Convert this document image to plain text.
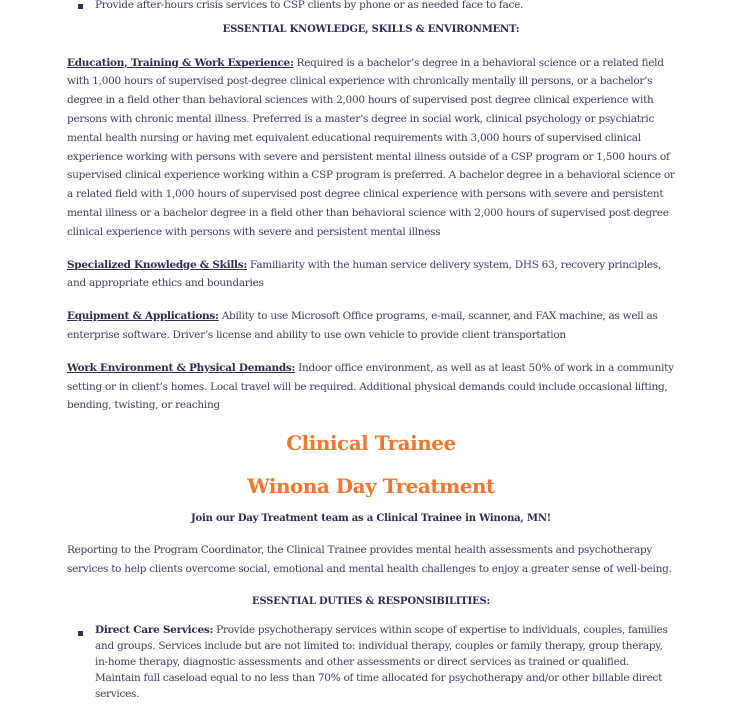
Provide after-hours crisis services to CSP clients by phone or as needed face to face.
ESSENTIAL KNOWLEDGE, SKILLS & ENVIRONMENT:

Education, Training & Work Experience: Required is a bachelor’s degree in a behavioral science or a related field with 1,000 hours of supervised post-degree clinical experience with chronically mentally ill persons, or a bachelor’s degree in a field other than behavioral sciences with 2,000 hours of supervised post degree clinical experience with persons with chronic mental illness. Preferred is a master’s degree in social work, clinical psychology or psychiatric mental health nursing or having met equivalent educational requirements with 3,000 hours of supervised clinical experience working with persons with severe and persistent mental illness outside of a CSP program or 1,500 hours of supervised clinical experience working within a CSP program is preferred. A bachelor degree in a behavioral science or a related field with 1,000 hours of supervised post degree clinical experience with persons with severe and persistent mental illness or a bachelor degree in a field other than behavioral science with 2,000 hours of supervised post degree clinical experience with persons with severe and persistent mental illness

Specialized Knowledge & Skills: Familiarity with the human service delivery system, DHS 63, recovery principles, and appropriate ethics and boundaries

Equipment & Applications: Ability to use Microsoft Office programs, e-mail, scanner, and FAX machine, as well as enterprise software. Driver’s license and ability to use own vehicle to provide client transportation

Work Environment & Physical Demands: Indoor office environment, as well as at least 50% of work in a community setting or in client’s homes. Local travel will be required. Additional physical demands could include occasional lifting, bending, twisting, or reaching

Clinical Trainee
Winona Day Treatment
Join our Day Treatment team as a Clinical Trainee in Winona, MN!

Reporting to the Program Coordinator, the Clinical Trainee provides mental health assessments and psychotherapy services to help clients overcome social, emotional and mental health challenges to enjoy a greater sense of well-being.

ESSENTIAL DUTIES & RESPONSIBILITIES:
Direct Care Services: Provide psychotherapy services within scope of expertise to individuals, couples, families and groups. Services include but are not limited to: individual therapy, couples or family therapy, group therapy, in-home therapy, diagnostic assessments and other assessments or direct services as trained or qualified. Maintain full caseload equal to no less than 70% of time allocated for psychotherapy and/or other billable direct services.
